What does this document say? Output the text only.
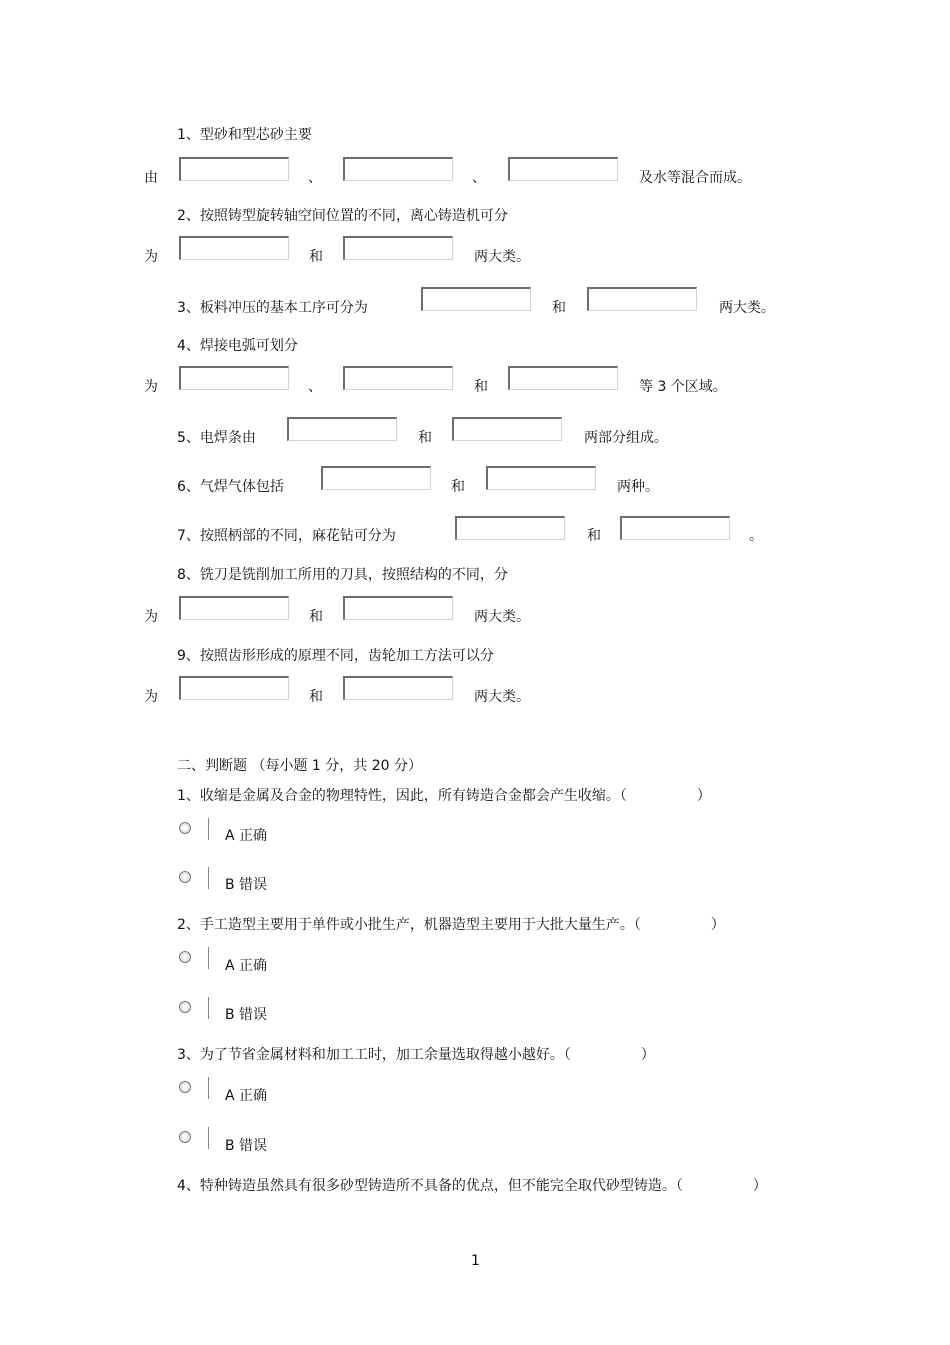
1、型砂和型芯砂主要
由	、	、	及水等混合而成。
2、按照铸型旋转轴空间位置的不同，离心铸造机可分
为	和	两大类。
3、板料冲压的基本工序可分为	和	两大类。
4、焊接电弧可划分
为	、	和	等 3 个区域。
5、电焊条由	和	两部分组成。
6、气焊气体包括	和	两种。
7、按照柄部的不同，麻花钻可分为	和	。
8、铣刀是铣削加工所用的刀具，按照结构的不同，分
为	和	两大类。
9、按照齿形形成的原理不同，齿轮加工方法可以分
为	和	两大类。
二、判断题 （每小题 1 分，共 20 分）
1、收缩是金属及合金的物理特性，因此，所有铸造合金都会产生收缩。（　　　　　）
A 正确
B 错误
2、手工造型主要用于单件或小批生产，机器造型主要用于大批大量生产。（　　　　　）
A 正确
B 错误
3、为了节省金属材料和加工工时，加工余量选取得越小越好。（　　　　　）
A 正确
B 错误
4、特种铸造虽然具有很多砂型铸造所不具备的优点，但不能完全取代砂型铸造。（　　　　　）
1
